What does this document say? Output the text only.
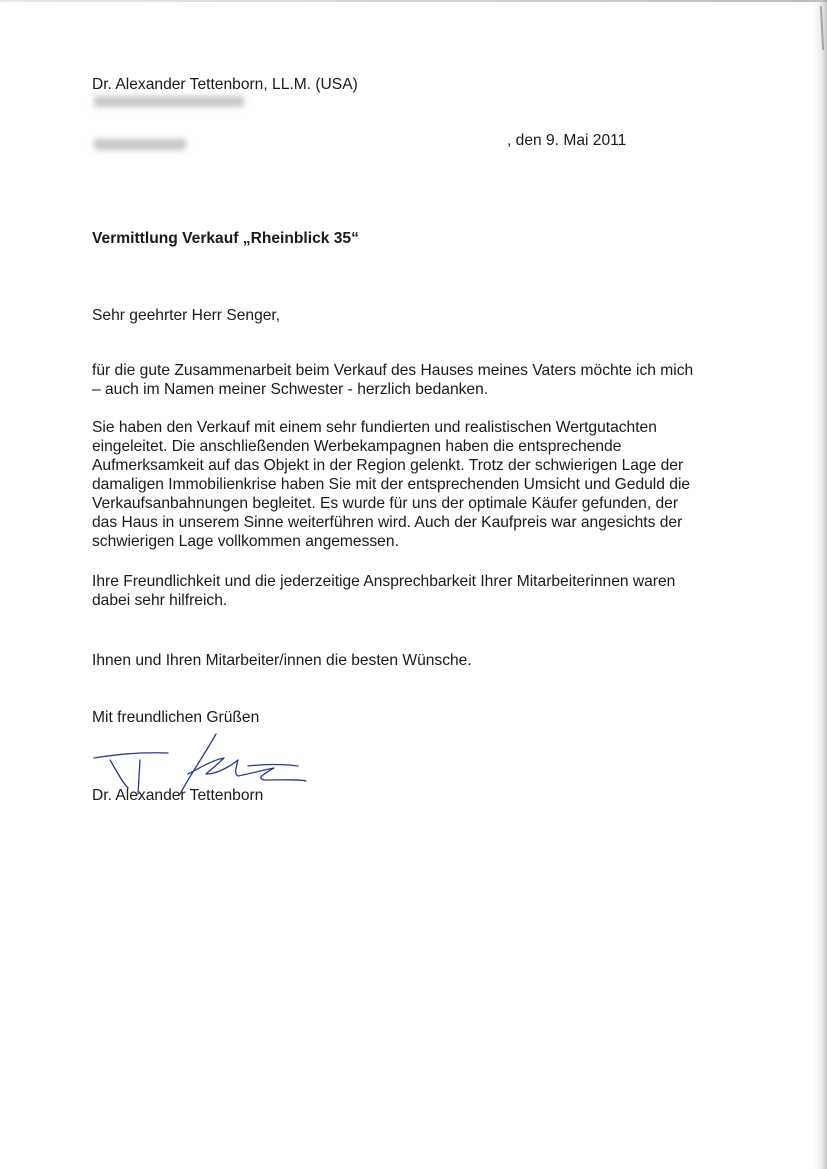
Dr. Alexander Tettenborn, LL.M. (USA)
, den 9. Mai 2011
Vermittlung Verkauf „Rheinblick 35“
Sehr geehrter Herr Senger,
für die gute Zusammenarbeit beim Verkauf des Hauses meines Vaters möchte ich mich
– auch im Namen meiner Schwester - herzlich bedanken.
Sie haben den Verkauf mit einem sehr fundierten und realistischen Wertgutachten
eingeleitet. Die anschließenden Werbekampagnen haben die entsprechende
Aufmerksamkeit auf das Objekt in der Region gelenkt. Trotz der schwierigen Lage der
damaligen Immobilienkrise haben Sie mit der entsprechenden Umsicht und Geduld die
Verkaufsanbahnungen begleitet. Es wurde für uns der optimale Käufer gefunden, der
das Haus in unserem Sinne weiterführen wird. Auch der Kaufpreis war angesichts der
schwierigen Lage vollkommen angemessen.
Ihre Freundlichkeit und die jederzeitige Ansprechbarkeit Ihrer Mitarbeiterinnen waren
dabei sehr hilfreich.
Ihnen und Ihren Mitarbeiter/innen die besten Wünsche.
Mit freundlichen Grüßen
Dr. Alexander Tettenborn
